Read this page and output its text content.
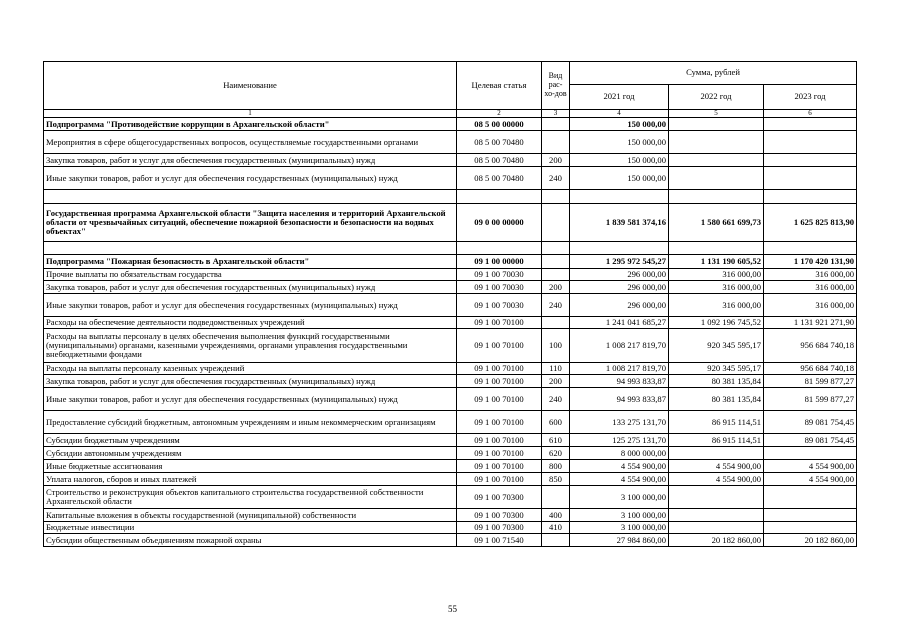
Наименование	Целевая статья	Вид рас-хо-дов	Сумма, рублей		
			2021 год	2022 год	2023 год
1	2	3	4	5	6
Подпрограмма "Противодействие коррупции в Архангельской области"	08 5 00 00000		150 000,00		
Мероприятия в сфере общегосударственных вопросов, осуществляемые государственными органами	08 5 00 70480		150 000,00		
Закупка товаров, работ и услуг для обеспечения государственных (муниципальных) нужд	08 5 00 70480	200	150 000,00		
Иные закупки товаров, работ и услуг для обеспечения государственных (муниципальных) нужд	08 5 00 70480	240	150 000,00		

Государственная программа Архангельской области "Защита населения и территорий Архангельской области от чрезвычайных ситуаций, обеспечение пожарной безопасности и безопасности на водных объектах"	09 0 00 00000		1 839 581 374,16	1 580 661 699,73	1 625 825 813,90

Подпрограмма "Пожарная безопасность в Архангельской области"	09 1 00 00000		1 295 972 545,27	1 131 190 605,52	1 170 420 131,90
Прочие выплаты по обязательствам государства	09 1 00 70030		296 000,00	316 000,00	316 000,00
Закупка товаров, работ и услуг для обеспечения государственных (муниципальных) нужд	09 1 00 70030	200	296 000,00	316 000,00	316 000,00
Иные закупки товаров, работ и услуг для обеспечения государственных (муниципальных) нужд	09 1 00 70030	240	296 000,00	316 000,00	316 000,00
Расходы на обеспечение деятельности подведомственных учреждений	09 1 00 70100		1 241 041 685,27	1 092 196 745,52	1 131 921 271,90
Расходы на выплаты персоналу в целях обеспечения выполнения функций государственными (муниципальными) органами, казенными учреждениями, органами управления государственными внебюджетными фондами	09 1 00 70100	100	1 008 217 819,70	920 345 595,17	956 684 740,18
Расходы на выплаты персоналу казенных учреждений	09 1 00 70100	110	1 008 217 819,70	920 345 595,17	956 684 740,18
Закупка товаров, работ и услуг для обеспечения государственных (муниципальных) нужд	09 1 00 70100	200	94 993 833,87	80 381 135,84	81 599 877,27
Иные закупки товаров, работ и услуг для обеспечения государственных (муниципальных) нужд	09 1 00 70100	240	94 993 833,87	80 381 135,84	81 599 877,27
Предоставление субсидий бюджетным, автономным учреждениям и иным некоммерческим организациям	09 1 00 70100	600	133 275 131,70	86 915 114,51	89 081 754,45
Субсидии бюджетным учреждениям	09 1 00 70100	610	125 275 131,70	86 915 114,51	89 081 754,45
Субсидии автономным учреждениям	09 1 00 70100	620	8 000 000,00		
Иные бюджетные ассигнования	09 1 00 70100	800	4 554 900,00	4 554 900,00	4 554 900,00
Уплата налогов, сборов и иных платежей	09 1 00 70100	850	4 554 900,00	4 554 900,00	4 554 900,00
Строительство и реконструкция объектов капитального строительства государственной собственности Архангельской области	09 1 00 70300		3 100 000,00		
Капитальные вложения в объекты государственной (муниципальной) собственности	09 1 00 70300	400	3 100 000,00		
Бюджетные инвестиции	09 1 00 70300	410	3 100 000,00		
Субсидии общественным объединениям пожарной охраны	09 1 00 71540		27 984 860,00	20 182 860,00	20 182 860,00
55
